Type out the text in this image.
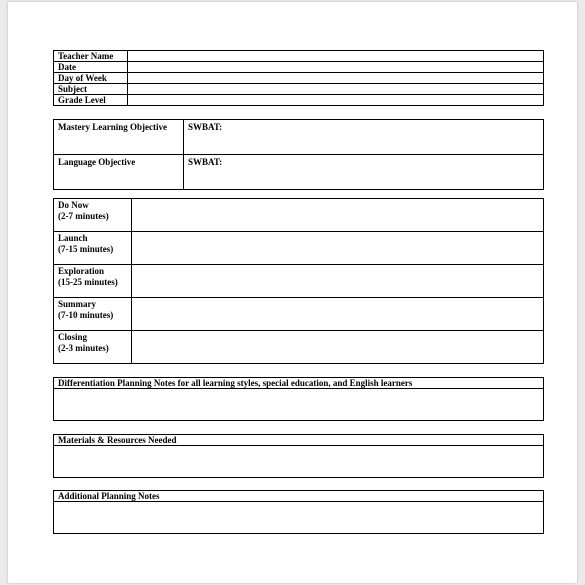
Teacher Name	
Date	
Day of Week	
Subject	
Grade Level	
Mastery Learning Objective	SWBAT:
Language Objective	SWBAT:
Do Now
(2-7 minutes)	

Launch
(7-15 minutes)	

Exploration
(15-25 minutes)	

Summary
(7-10 minutes)	

Closing
(2-3 minutes)	

Differentiation Planning Notes for all learning styles, special education, and English learners

Materials & Resources Needed

Additional Planning Notes
